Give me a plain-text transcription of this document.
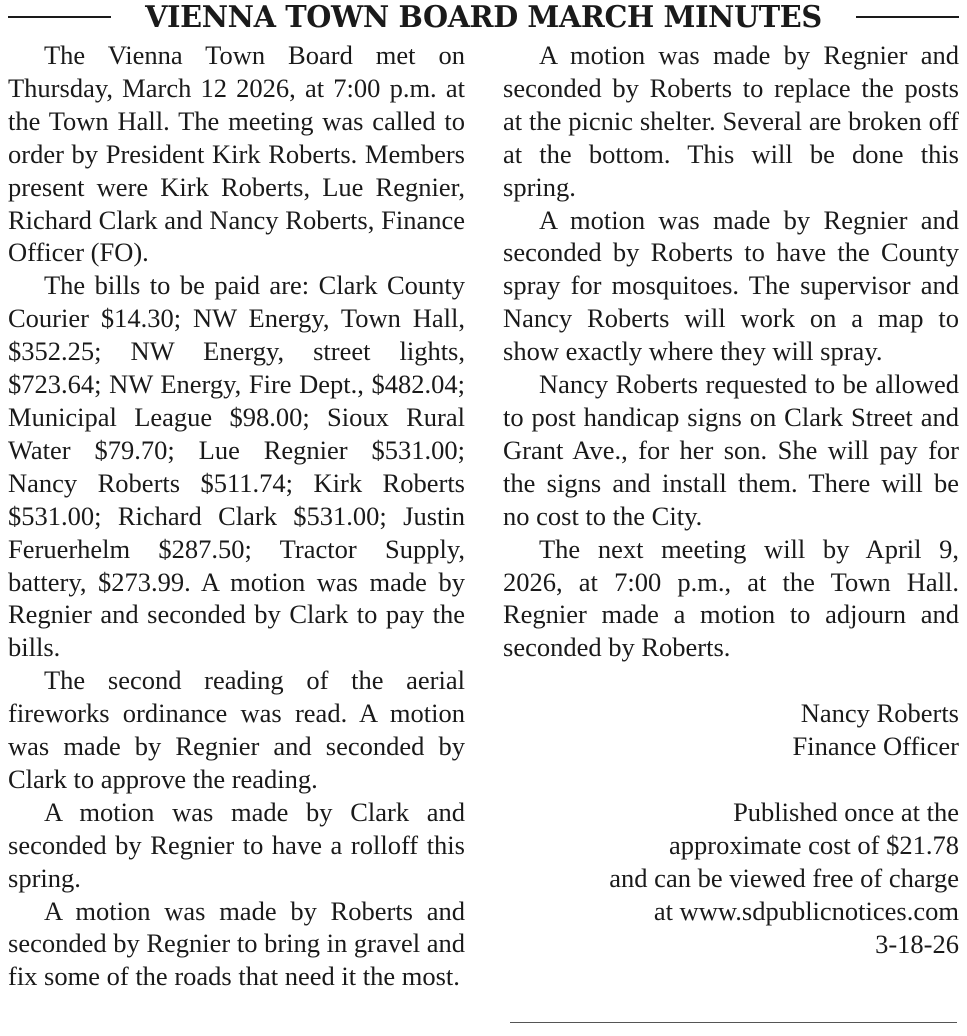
VIENNA TOWN BOARD MARCH MINUTES

The Vienna Town Board met on Thursday, March 12 2026, at 7:00 p.m. at the Town Hall. The meeting was called to order by President Kirk Roberts. Members present were Kirk Roberts, Lue Regnier, Richard Clark and Nancy Roberts, Finance Officer (FO).

The bills to be paid are: Clark County Courier $14.30; NW Energy, Town Hall, $352.25; NW Energy, street lights, $723.64; NW Energy, Fire Dept., $482.04; Municipal League $98.00; Sioux Rural Water $79.70; Lue Regnier $531.00; Nancy Roberts $511.74; Kirk Roberts $531.00; Richard Clark $531.00; Justin Feruerhelm $287.50; Tractor Supply, battery, $273.99. A motion was made by Regnier and seconded by Clark to pay the bills.

The second reading of the aerial fireworks ordinance was read. A motion was made by Regnier and seconded by Clark to approve the reading.

A motion was made by Clark and seconded by Regnier to have a rolloff this spring.

A motion was made by Roberts and seconded by Regnier to bring in gravel and fix some of the roads that need it the most.

A motion was made by Regnier and seconded by Roberts to replace the posts at the picnic shelter. Several are broken off at the bottom. This will be done this spring.

A motion was made by Regnier and seconded by Roberts to have the County spray for mosquitoes. The supervisor and Nancy Roberts will work on a map to show exactly where they will spray.

Nancy Roberts requested to be allowed to post handicap signs on Clark Street and Grant Ave., for her son. She will pay for the signs and install them. There will be no cost to the City.

The next meeting will by April 9, 2026, at 7:00 p.m., at the Town Hall. Regnier made a motion to adjourn and seconded by Roberts.

Nancy Roberts
Finance Officer
Published once at the
approximate cost of $21.78
and can be viewed free of charge
at www.sdpublicnotices.com
3-18-26
